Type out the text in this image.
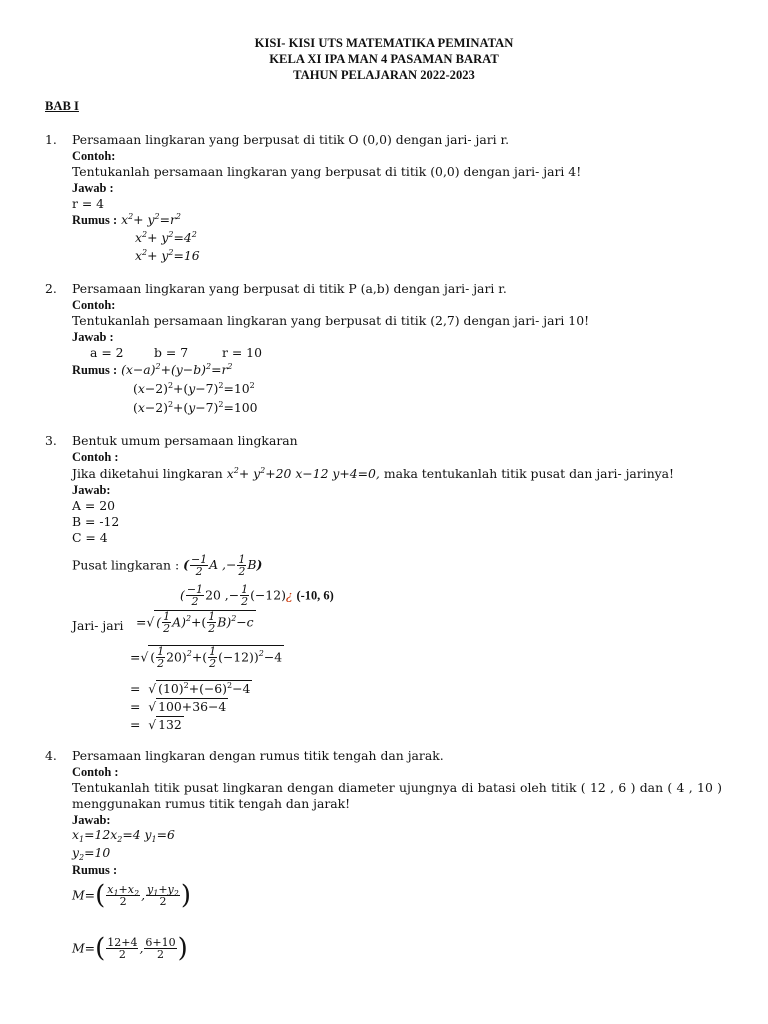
KISI- KISI UTS MATEMATIKA PEMINATAN
KELA XI IPA MAN 4 PASAMAN BARAT
TAHUN PELAJARAN 2022-2023
BAB I
1. Persamaan lingkaran yang berpusat di titik O (0,0) dengan jari- jari r.
Contoh:
Tentukanlah persamaan lingkaran yang berpusat di titik (0,0) dengan jari- jari 4!
Jawab :
r = 4
Rumus : $x^2+ y^2=r^2$
$x^2+ y^2=4^2$
$x^2+ y^2=16$
2. Persamaan lingkaran yang berpusat di titik P (a,b) dengan jari- jari r.
Contoh:
Tentukanlah persamaan lingkaran yang berpusat di titik (2,7) dengan jari- jari 10!
Jawab :
a = 2 b = 7	r = 10
Rumus : $(x-a)^2+(y-b)^2=r^2$
$(x-2)^2+(y-7)^2=10^2$
$(x-2)^2+(y-7)^2=100$
3. Bentuk umum persamaan lingkaran
Contoh :
Jika diketahui lingkaran $x^2+ y^2+20$ x−12 y+4=0, maka tentukanlah titik pusat dan jari- jarinya!
Jawab:
A = 20
B = -12
C = 4
Pusat lingkaran : ( $\frac{-1}{2}$ A ,− $\frac{1}{2} B$)
( $\frac{-1}{2} 20$ ,− $\frac{1}{2}$ (−12)¿ (-10, 6)
Jari- jari =√ ( $\frac{1}{2} A)^2+( \frac{1}{2} B)^2-c$
=√ ( $\frac{1}{2} 20)^2+( \frac{1}{2} (-12))^2-4$
=  √ $(10)^2+(-6)^2-4$
=  √ 100+36−4
=  √ 132
4. Persamaan lingkaran dengan rumus titik tengah dan jarak.
Contoh :
Tentukanlah titik pusat lingkaran dengan diameter ujungnya di batasi oleh titik ( 12 , 6 ) dan ( 4 , 10 )
menggunakan rumus titik tengah dan jarak!
Jawab:
$x_1=12x_2=4$ $y_1=6$
$y_2=10$
Rumus :
$M=( \frac{x_1+x_2}{2}$ , $\frac{y_1+y_2}{2}$ )
$M=( \frac{12+4}{2}$ , $\frac{6+10}{2}$ )
